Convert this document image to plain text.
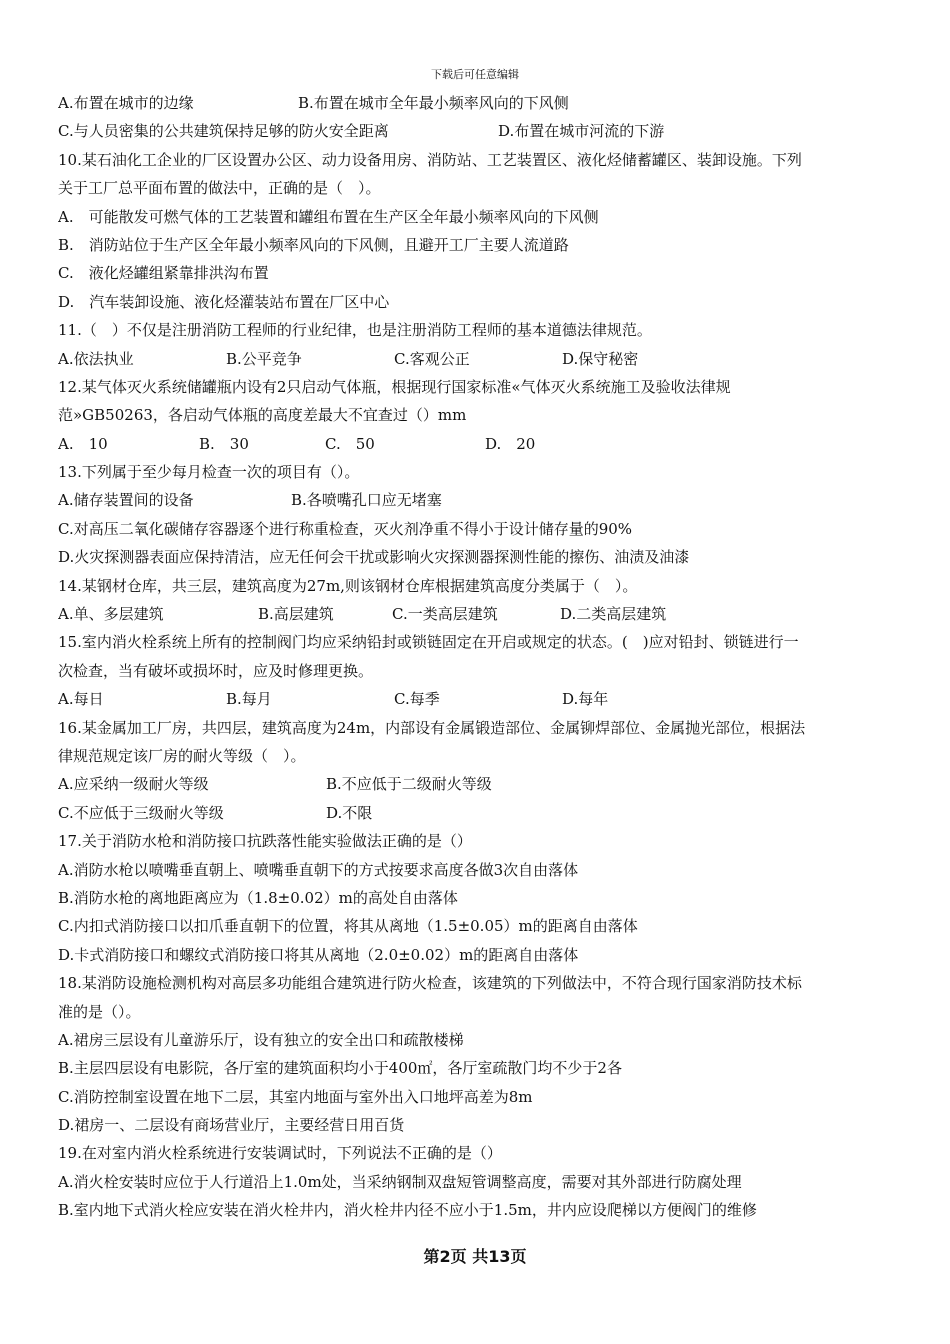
下载后可任意编辑
A.布置在城市的边缘	B.布置在城市全年最小频率风向的下风侧
C.与人员密集的公共建筑保持足够的防火安全距离	D.布置在城市河流的下游
10.某石油化工企业的厂区设置办公区、动力设备用房、消防站、工艺装置区、液化烃储蓄罐区、装卸设施。下列
关于工厂总平面布置的做法中，正确的是（　）。
A.　可能散发可燃气体的工艺装置和罐组布置在生产区全年最小频率风向的下风侧
B.　消防站位于生产区全年最小频率风向的下风侧，且避开工厂主要人流道路
C.　液化烃罐组紧靠排洪沟布置
D.　汽车装卸设施、液化烃灌装站布置在厂区中心
11.（　）不仅是注册消防工程师的行业纪律，也是注册消防工程师的基本道德法律规范。
A.依法执业	B.公平竞争	C.客观公正	D.保守秘密
12.某气体灭火系统储罐瓶内设有2只启动气体瓶，根据现行国家标准«气体灭火系统施工及验收法律规
范»GB50263，各启动气体瓶的高度差最大不宜查过（）mm
A.　10	B.　30	C.　50	D.　20
13.下列属于至少每月检查一次的项目有（）。
A.储存装置间的设备	B.各喷嘴孔口应无堵塞
C.对高压二氧化碳储存容器逐个进行称重检查，灭火剂净重不得小于设计储存量的90%
D.火灾探测器表面应保持清洁，应无任何会干扰或影响火灾探测器探测性能的擦伤、油渍及油漆
14.某钢材仓库，共三层，建筑高度为27m,则该钢材仓库根据建筑高度分类属于（　）。
A.单、多层建筑	B.高层建筑	C.一类高层建筑	D.二类高层建筑
15.室内消火栓系统上所有的控制阀门均应采纳铅封或锁链固定在开启或规定的状态。(　)应对铅封、锁链进行一
次检查，当有破坏或损坏时，应及时修理更换。
A.每日	B.每月	C.每季	D.每年
16.某金属加工厂房，共四层，建筑高度为24m，内部设有金属锻造部位、金属铆焊部位、金属抛光部位，根据法
律规范规定该厂房的耐火等级（　）。
A.应采纳一级耐火等级	B.不应低于二级耐火等级
C.不应低于三级耐火等级	D.不限
17.关于消防水枪和消防接口抗跌落性能实验做法正确的是（）
A.消防水枪以喷嘴垂直朝上、喷嘴垂直朝下的方式按要求高度各做3次自由落体
B.消防水枪的离地距离应为（1.8±0.02）m的高处自由落体
C.内扣式消防接口以扣爪垂直朝下的位置，将其从离地（1.5±0.05）m的距离自由落体
D.卡式消防接口和螺纹式消防接口将其从离地（2.0±0.02）m的距离自由落体
18.某消防设施检测机构对高层多功能组合建筑进行防火检查，该建筑的下列做法中，不符合现行国家消防技术标
准的是（）。
A.裙房三层设有儿童游乐厅，设有独立的安全出口和疏散楼梯
B.主层四层设有电影院，各厅室的建筑面积均小于400㎡，各厅室疏散门均不少于2各
C.消防控制室设置在地下二层，其室内地面与室外出入口地坪高差为8m
D.裙房一、二层设有商场营业厅，主要经营日用百货
19.在对室内消火栓系统进行安装调试时，下列说法不正确的是（）
A.消火栓安装时应位于人行道沿上1.0m处，当采纳钢制双盘短管调整高度，需要对其外部进行防腐处理
B.室内地下式消火栓应安装在消火栓井内，消火栓井内径不应小于1.5m，井内应设爬梯以方便阀门的维修
第2页 共13页
